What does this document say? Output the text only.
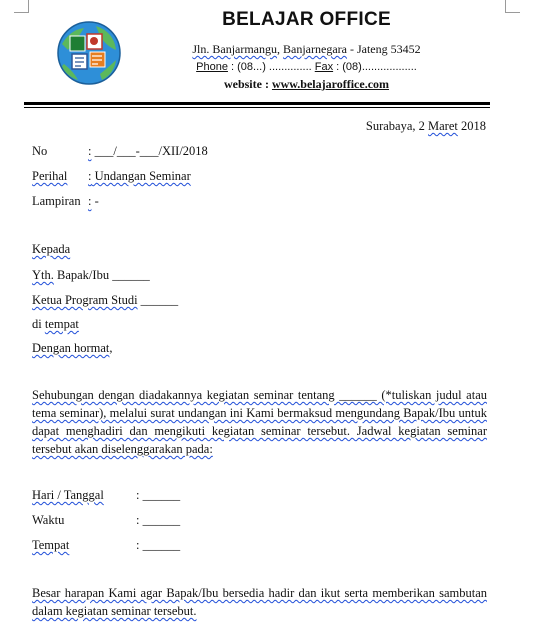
BELAJAR OFFICE
Jln. Banjarmangu, Banjarnegara - Jateng 53452
Phone : (08...) .............. Fax : (08)..................
website : www.belajaroffice.com
Surabaya, 2 Maret 2018
No	: ___/___-___/XII/2018
Perihal : Undangan Seminar
Lampiran : -
Kepada
Yth. Bapak/Ibu ______
Ketua Program Studi ______
di tempat
Dengan hormat,
Sehubungan dengan diadakannya kegiatan seminar tentang ______ (*tuliskan judul atau tema seminar), melalui surat undangan ini Kami bermaksud mengundang Bapak/Ibu untuk dapat menghadiri dan mengikuti kegiatan seminar tersebut. Jadwal kegiatan seminar tersebut akan diselenggarakan pada:
Hari / Tanggal	: ______
Waktu	: ______
Tempat	: ______
Besar harapan Kami agar Bapak/Ibu bersedia hadir dan ikut serta memberikan sambutan dalam kegiatan seminar tersebut.
